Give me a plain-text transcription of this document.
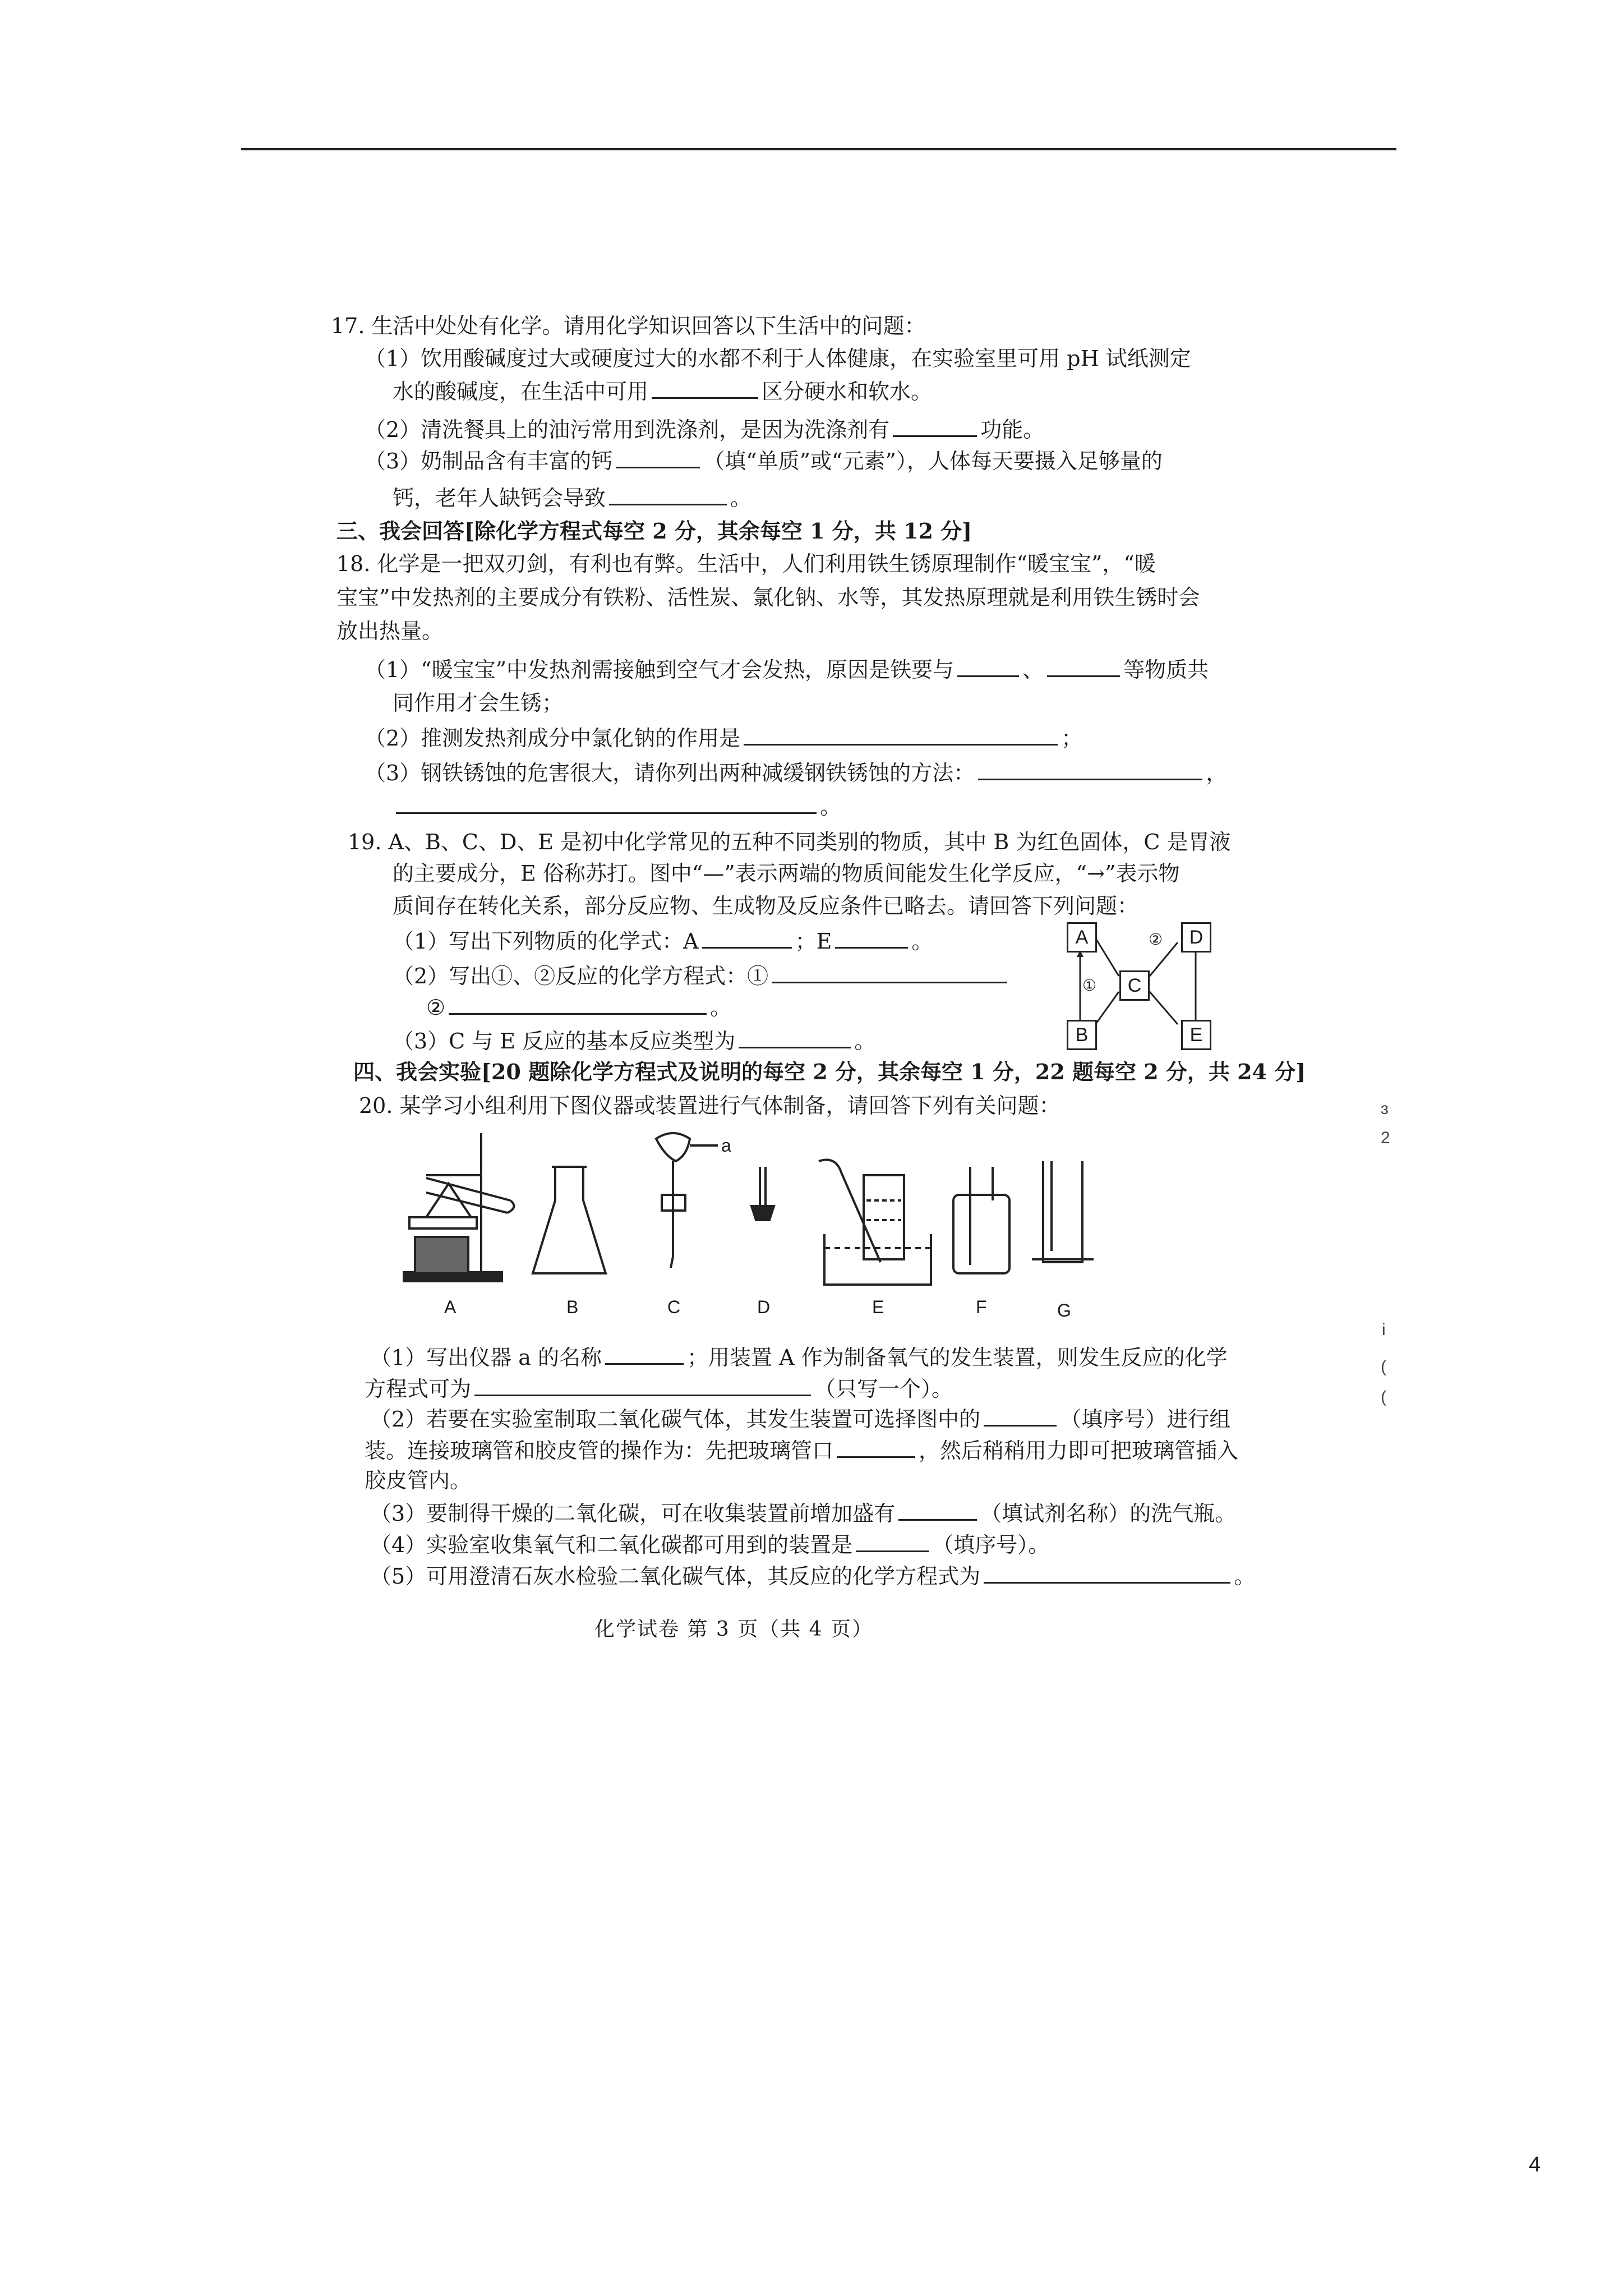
17. 生活中处处有化学。请用化学知识回答以下生活中的问题：
（1）饮用酸碱度过大或硬度过大的水都不利于人体健康，在实验室里可用 pH 试纸测定
水的酸碱度，在生活中可用	区分硬水和软水。
（2）清洗餐具上的油污常用到洗涤剂，是因为洗涤剂有	功能。
（3）奶制品含有丰富的钙	（填“单质”或“元素”），人体每天要摄入足够量的
钙，老年人缺钙会导致	。
三、我会回答[除化学方程式每空 2 分，其余每空 1 分，共 12 分]
18. 化学是一把双刃剑，有利也有弊。生活中，人们利用铁生锈原理制作“暖宝宝”，“暖
宝宝”中发热剂的主要成分有铁粉、活性炭、氯化钠、水等，其发热原理就是利用铁生锈时会
放出热量。
（1）“暖宝宝”中发热剂需接触到空气才会发热，原因是铁要与	、	等物质共
同作用才会生锈；
（2）推测发热剂成分中氯化钠的作用是	；
（3）钢铁锈蚀的危害很大，请你列出两种减缓钢铁锈蚀的方法：	，
。
19. A、B、C、D、E 是初中化学常见的五种不同类别的物质，其中 B 为红色固体，C 是胃液
的主要成分，E 俗称苏打。图中“—”表示两端的物质间能发生化学反应，“→”表示物
质间存在转化关系，部分反应物、生成物及反应条件已略去。请回答下列问题：
（1）写出下列物质的化学式：A	；E	。
（2）写出①、②反应的化学方程式：①
②	。
（3）C 与 E 反应的基本反应类型为	。
A
B
C
D
E
①
②
四、我会实验[20 题除化学方程式及说明的每空 2 分，其余每空 1 分，22 题每空 2 分，共 24 分]
20. 某学习小组利用下图仪器或装置进行气体制备，请回答下列有关问题：
A	B	C	D	E	F	G
a
（1）写出仪器 a 的名称	；用装置 A 作为制备氧气的发生装置，则发生反应的化学
方程式可为	（只写一个）。
（2）若要在实验室制取二氧化碳气体，其发生装置可选择图中的	（填序号）进行组
装。连接玻璃管和胶皮管的操作为：先把玻璃管口	，然后稍稍用力即可把玻璃管插入
胶皮管内。
（3）要制得干燥的二氧化碳，可在收集装置前增加盛有	（填试剂名称）的洗气瓶。
（4）实验室收集氧气和二氧化碳都可用到的装置是	（填序号）。
（5）可用澄清石灰水检验二氧化碳气体，其反应的化学方程式为	。
化学试卷 第 3 页（共 4 页）
ɜ
2
i
(
(
4
